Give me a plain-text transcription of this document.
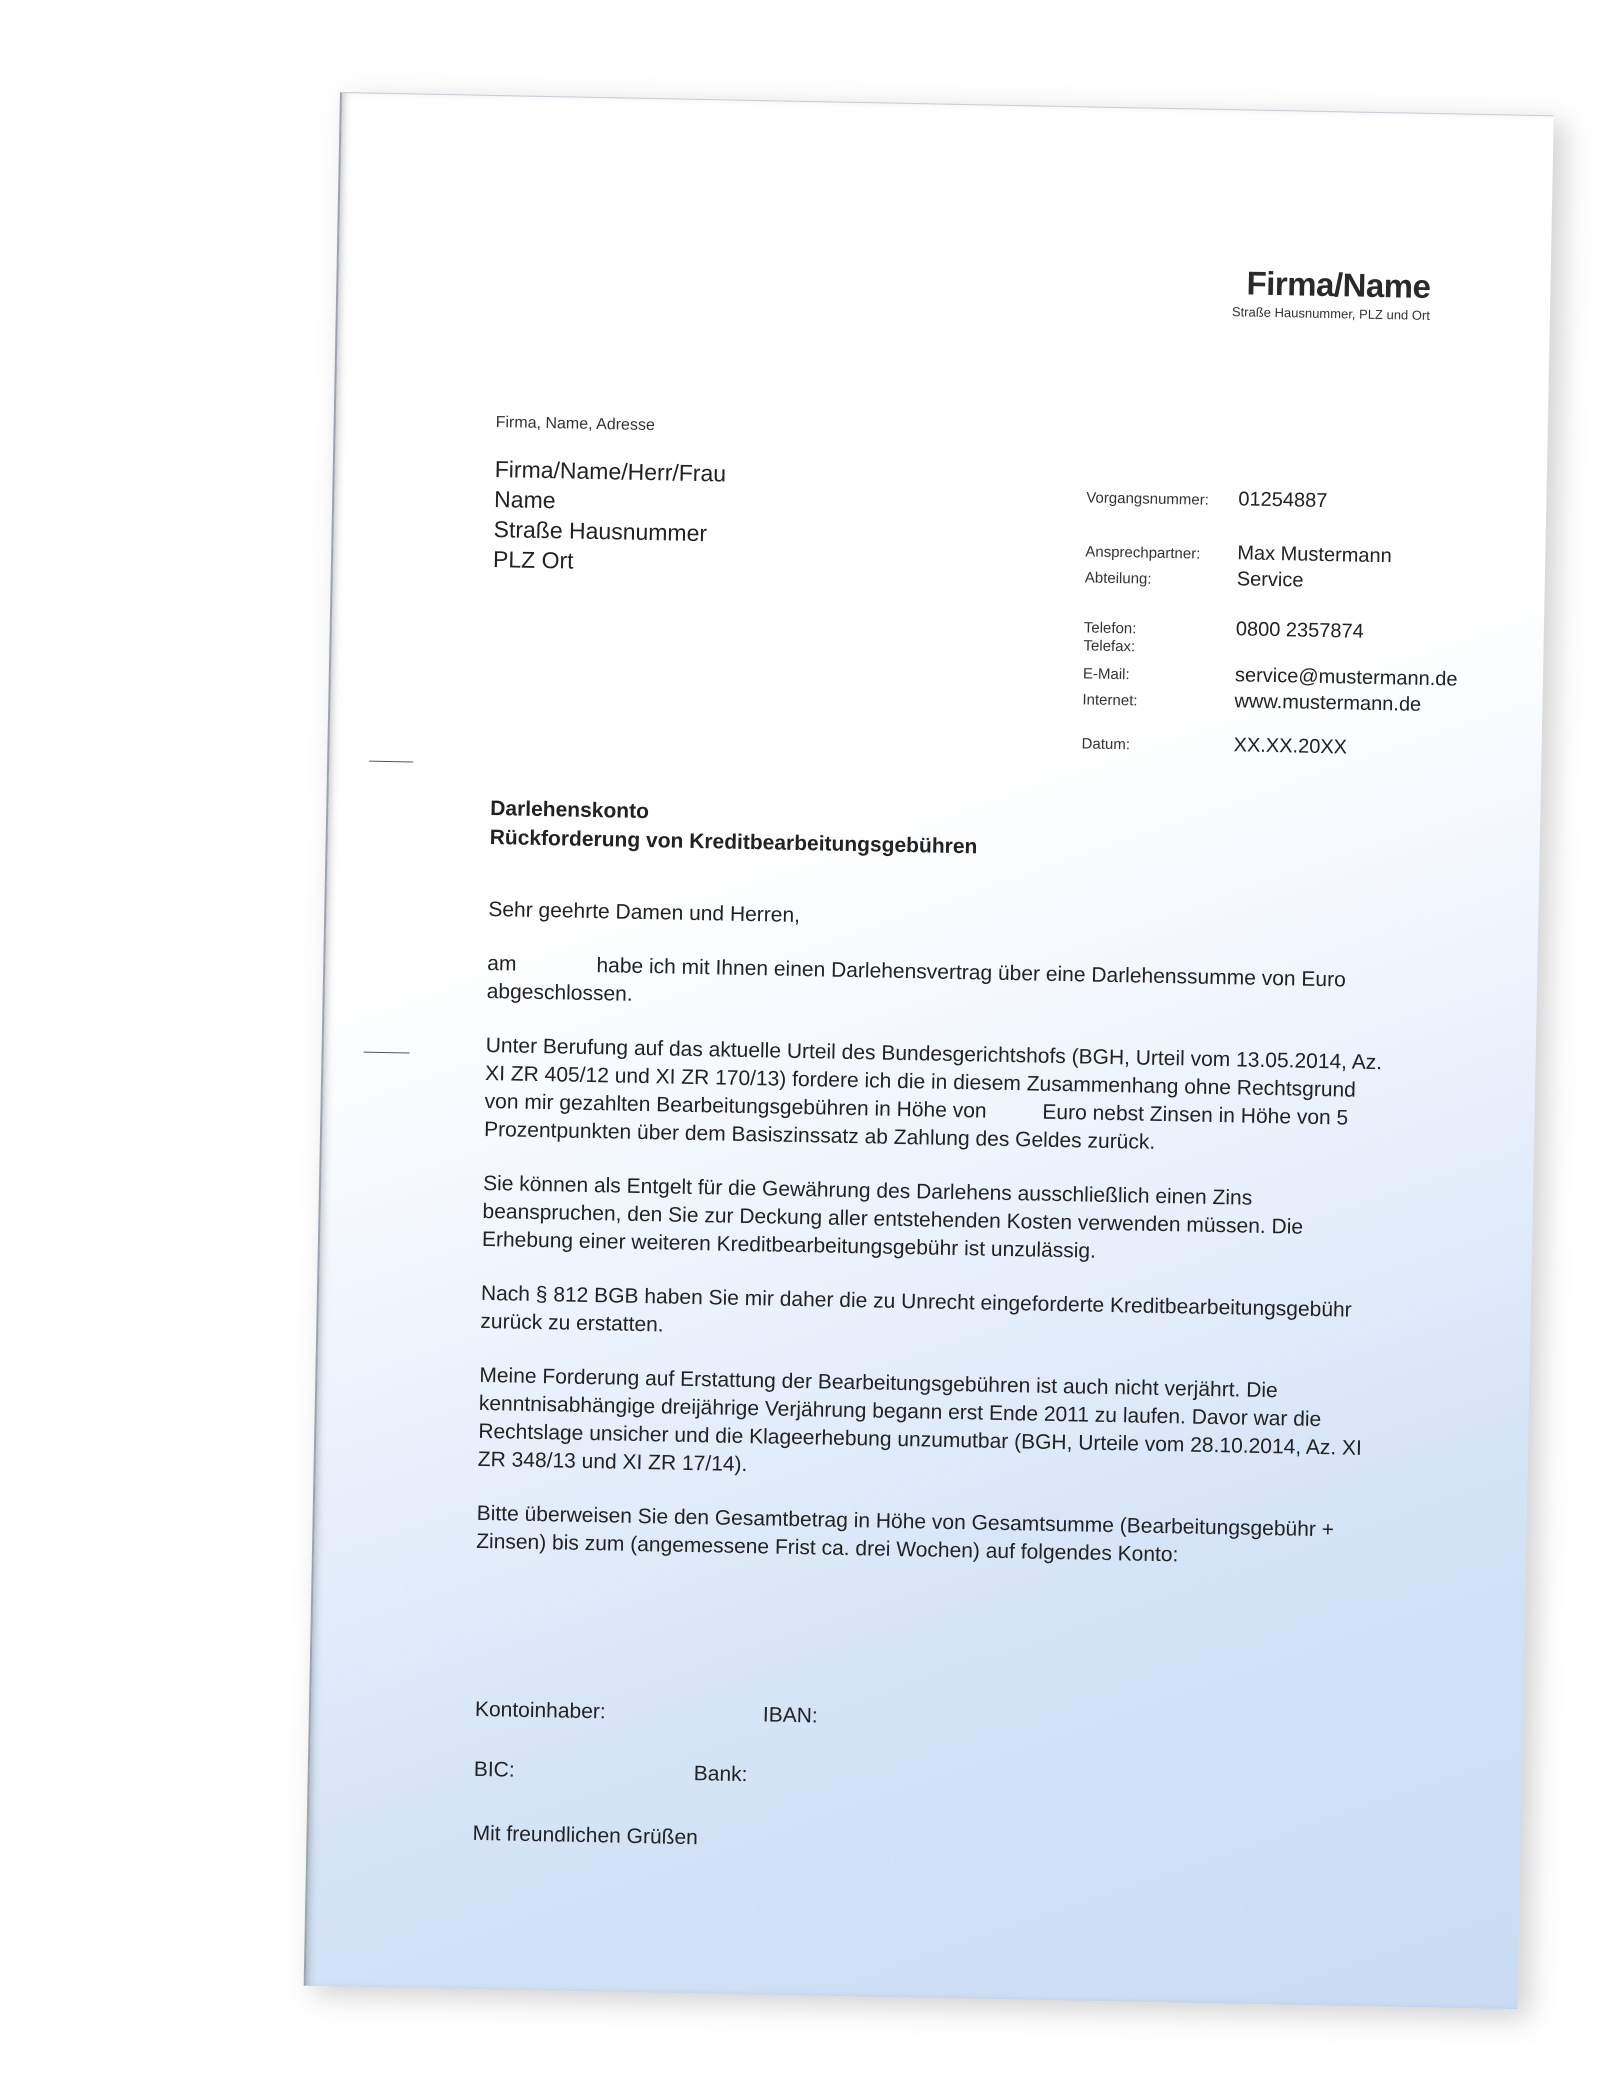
Firma/Name
Straße Hausnummer, PLZ und Ort
Firma, Name, Adresse
Firma/Name/Herr/Frau
Name
Straße Hausnummer
PLZ Ort
Vorgangsnummer: 01254887
Ansprechpartner: Max Mustermann
Abteilung:	Service
Telefon:	0800 2357874
Telefax:
E-Mail:	service@mustermann.de
Internet:	www.mustermann.de
Datum:	XX.XX.20XX
Darlehenskonto
Rückforderung von Kreditbearbeitungsgebühren

Sehr geehrte Damen und Herren,

am	habe ich mit Ihnen einen Darlehensvertrag über eine Darlehenssumme von Euro abgeschlossen.

Unter Berufung auf das aktuelle Urteil des Bundesgerichtshofs (BGH, Urteil vom 13.05.2014, Az. XI ZR 405/12 und XI ZR 170/13) fordere ich die in diesem Zusammenhang ohne Rechtsgrund von mir gezahlten Bearbeitungsgebühren in Höhe von	Euro nebst Zinsen in Höhe von 5 Prozentpunkten über dem Basiszinssatz ab Zahlung des Geldes zurück.

Sie können als Entgelt für die Gewährung des Darlehens ausschließlich einen Zins beanspruchen, den Sie zur Deckung aller entstehenden Kosten verwenden müssen. Die Erhebung einer weiteren Kreditbearbeitungsgebühr ist unzulässig.

Nach § 812 BGB haben Sie mir daher die zu Unrecht eingeforderte Kreditbearbeitungsgebühr zurück zu erstatten.

Meine Forderung auf Erstattung der Bearbeitungsgebühren ist auch nicht verjährt. Die kenntnisabhängige dreijährige Verjährung begann erst Ende 2011 zu laufen. Davor war die Rechtslage unsicher und die Klageerhebung unzumutbar (BGH, Urteile vom 28.10.2014, Az. XI ZR 348/13 und XI ZR 17/14).

Bitte überweisen Sie den Gesamtbetrag in Höhe von Gesamtsumme (Bearbeitungsgebühr + Zinsen) bis zum (angemessene Frist ca. drei Wochen) auf folgendes Konto:

Kontoinhaber:	IBAN:
BIC:	Bank:
Mit freundlichen Grüßen
